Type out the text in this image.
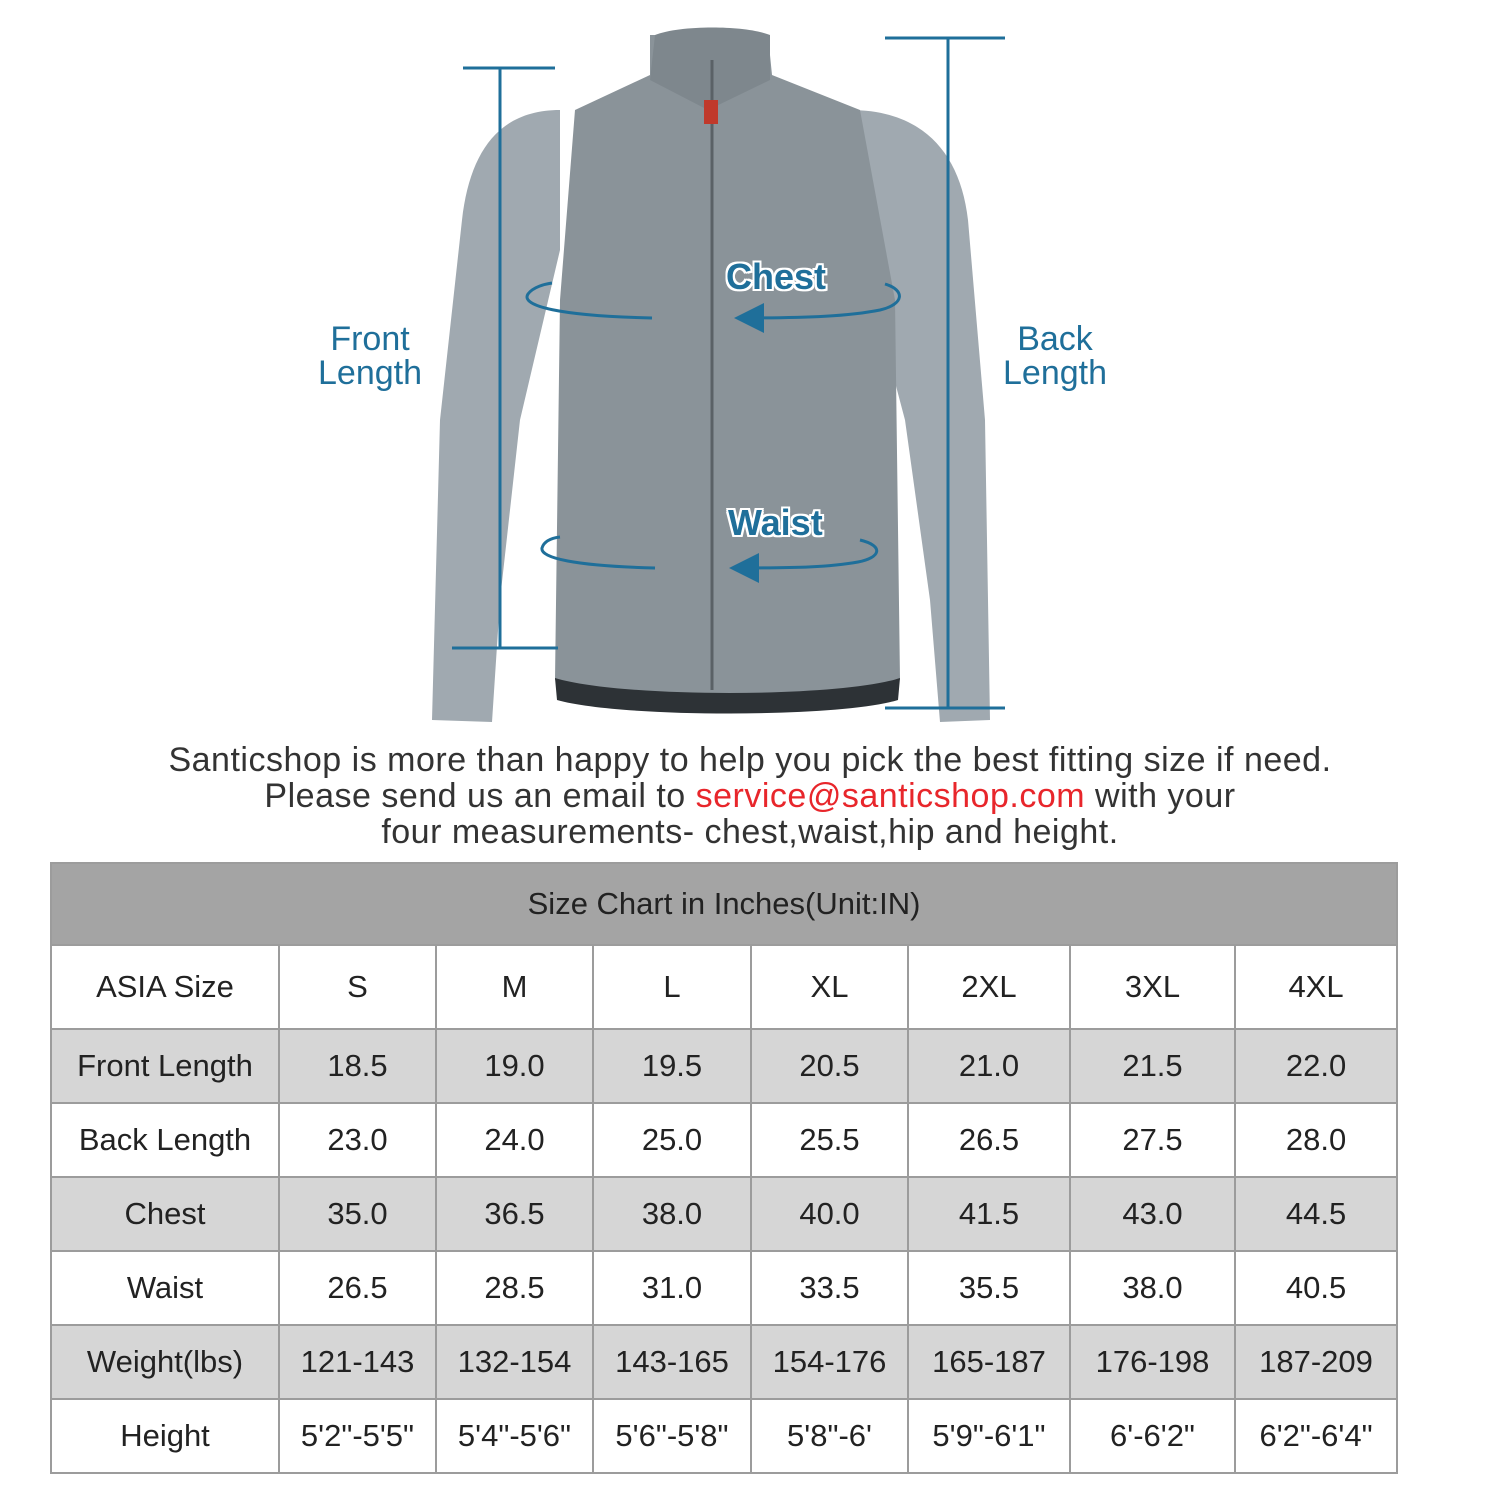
Front
Length
Back
Length
Chest
Waist
Santicshop is more than happy to help you pick the best fitting size if need.
Please send us an email to service@santicshop.com with your
four measurements- chest,waist,hip and height.
Size Chart in Inches(Unit:IN)							
ASIA Size	S	M	L	XL	2XL	3XL	4XL
Front Length	18.5	19.0	19.5	20.5	21.0	21.5	22.0
Back Length	23.0	24.0	25.0	25.5	26.5	27.5	28.0
Chest	35.0	36.5	38.0	40.0	41.5	43.0	44.5
Waist	26.5	28.5	31.0	33.5	35.5	38.0	40.5
Weight(lbs)	121-143	132-154	143-165	154-176	165-187	176-198	187-209
Height	5'2"-5'5"	5'4"-5'6"	5'6"-5'8"	5'8"-6'	5'9"-6'1"	6'-6'2"	6'2"-6'4"
